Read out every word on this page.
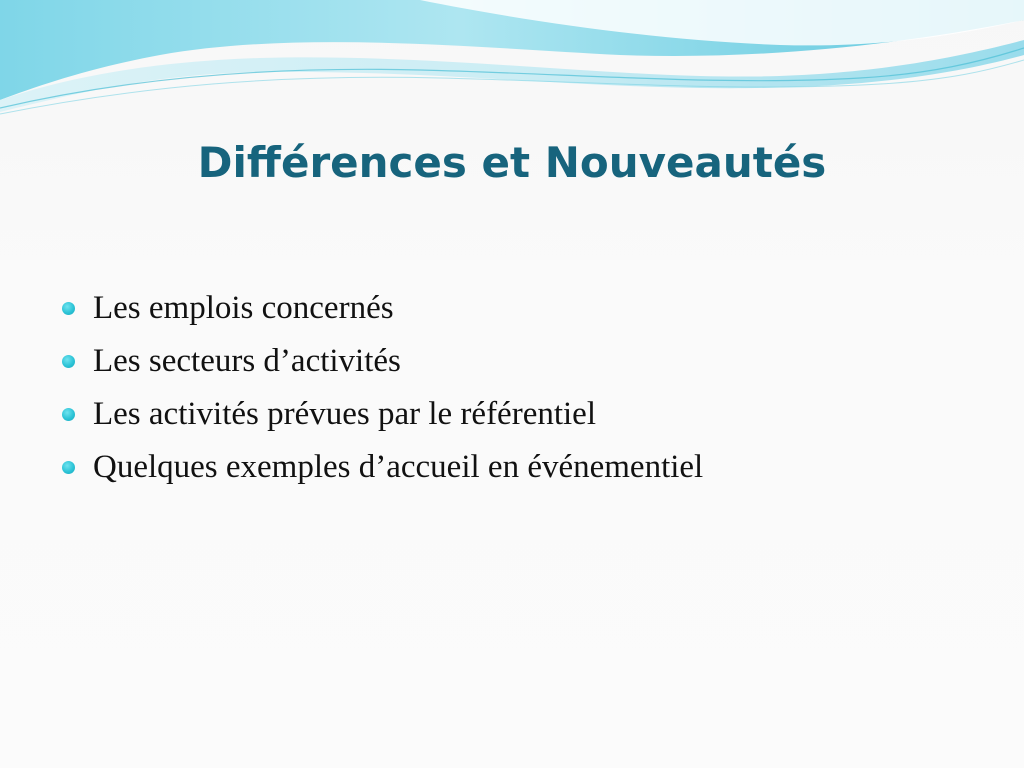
Différences et Nouveautés
Les emplois concernés
Les secteurs d’activités
Les activités prévues par le référentiel
Quelques exemples d’accueil en événementiel
